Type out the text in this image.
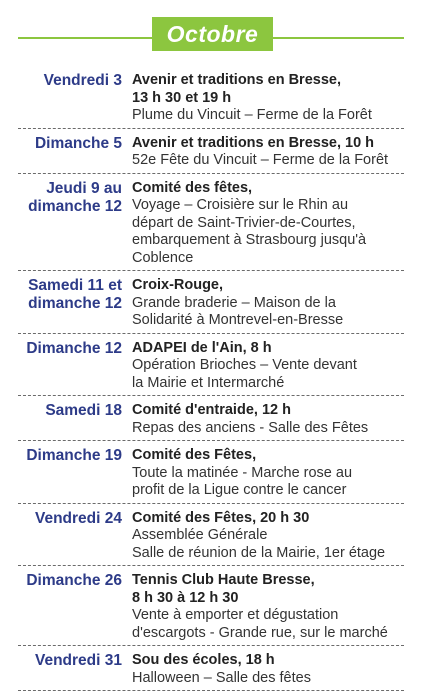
Octobre
Vendredi 3 Avenir et traditions en Bresse,
13 h 30 et 19 h
Plume du Vincuit – Ferme de la Forêt
Dimanche 5 Avenir et traditions en Bresse, 10 h
52e Fête du Vincuit – Ferme de la Forêt
Jeudi 9 au
dimanche 12
Comité des fêtes,
Voyage – Croisière sur le Rhin au
départ de Saint-Trivier-de-Courtes,
embarquement à Strasbourg jusqu'à
Coblence
Samedi 11 et
dimanche 12
Croix-Rouge,
Grande braderie – Maison de la
Solidarité à Montrevel-en-Bresse
Dimanche 12 ADAPEI de l'Ain, 8 h
Opération Brioches – Vente devant
la Mairie et Intermarché
Samedi 18 Comité d'entraide, 12 h
Repas des anciens - Salle des Fêtes
Dimanche 19 Comité des Fêtes,
Toute la matinée - Marche rose au
profit de la Ligue contre le cancer
Vendredi 24 Comité des Fêtes, 20 h 30
Assemblée Générale
Salle de réunion de la Mairie, 1er étage
Dimanche 26 Tennis Club Haute Bresse,
8 h 30 à 12 h 30
Vente à emporter et dégustation
d'escargots - Grande rue, sur le marché
Vendredi 31 Sou des écoles, 18 h
Halloween – Salle des fêtes
